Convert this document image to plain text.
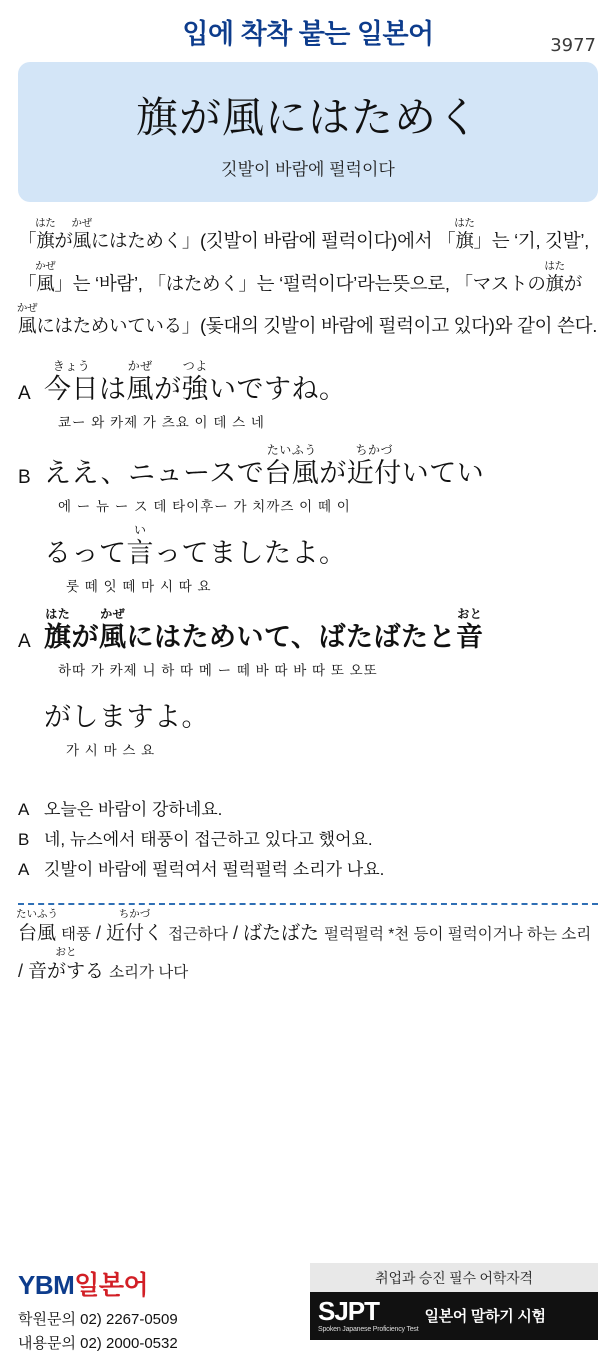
입에 착착 붙는 일본어	3977
旗が風にはためく
깃발이 바람에 펄럭이다
「
はた
旗 が
かぜ
風 にはためく」(깃발이 바람에 펄럭이다)에서 「
はた
旗 」는 ‘기, 깃발’, 「
かぜ
風 」는 ‘바람’, 「はためく」는 ‘펄럭이다’라는뜻으로, 「マストの
はた
旗 が
かぜ
風 にはためいている」(돛대의 깃발이 바람에 펄럭이고 있다)와 같이 쓴다.
A
きょう
今日 は
かぜ
風 が
つよ
強 いですね。
쿄ー 와 카제 가 츠요 이 데 스 네
B ええ、ニュースで
たいふう
台風 が
ちかづ
近付 いてい
에 ー 뉴 ー ス 데 타이후ー 가 치까즈 이 떼 이
るって
い
言 ってましたよ。
룻 떼 잇 떼 마 시 따 요
A
はた
旗 が
かぜ
風 にはためいて、ばたばたと
おと
音
하따 가 카제 니 하 따 메 ー 떼 바 따 바 따 또 오또
がしますよ。
가 시 마 스 요
A 오늘은 바람이 강하네요.
B 네, 뉴스에서 태풍이 접근하고 있다고 했어요.
A 깃발이 바람에 펄럭여서 펄럭펄럭 소리가 나요.
たいふう
台風 태풍 /
ちかづ
近付く 접근하다 / ばたばた 펄럭펄럭 *천 등이 펄럭이거나 하는 소리 /
おと
音がする 소리가 나다
YBM일본어
학원문의 02) 2267-0509
내용문의 02) 2000-0532
취업과 승진 필수 어학자격
SJPT
Spoken Japanese Proficiency Test
일본어 말하기 시험
